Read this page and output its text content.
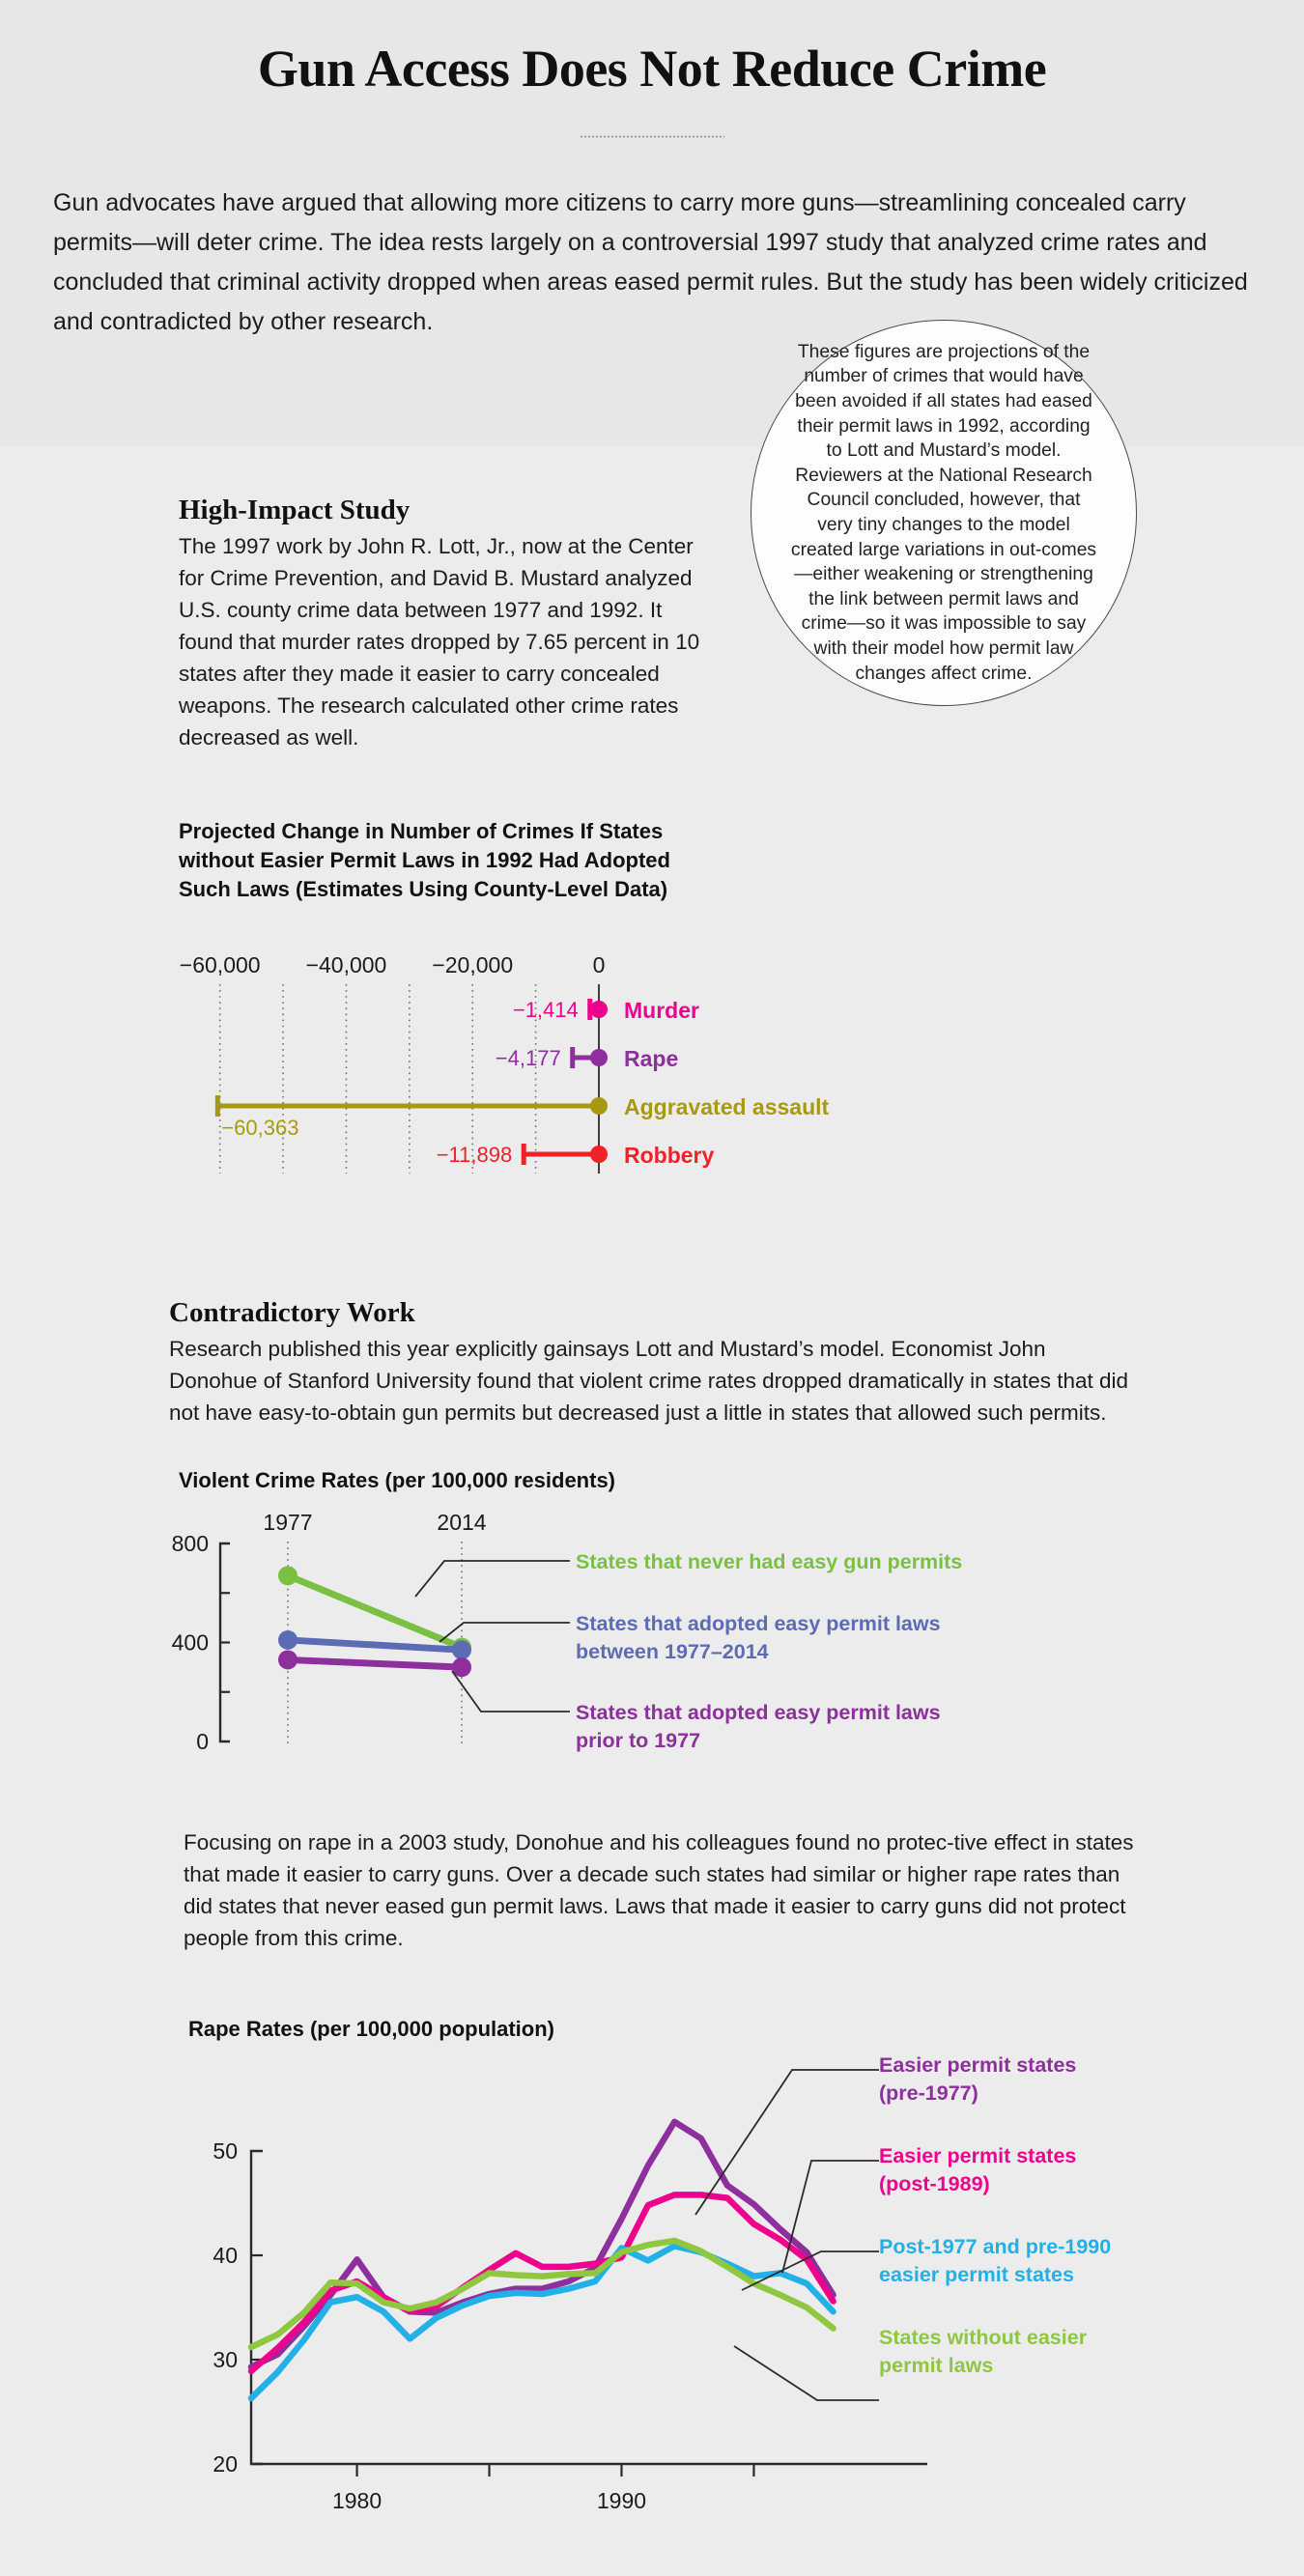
Gun Access Does Not Reduce Crime
Gun advocates have argued that allowing more citizens to carry more guns—streamlining concealed carry permits—will deter crime. The idea rests largely on a controversial 1997 study that analyzed crime rates and concluded that criminal activity dropped when areas eased permit rules. But the study has been widely criticized and contradicted by other research.
High-Impact Study

The 1997 work by John R. Lott, Jr., now at the Center for Crime Prevention, and David B. Mustard analyzed U.S. county crime data between 1977 and 1992. It found that murder rates dropped by 7.65 percent in 10 states after they made it easier to carry concealed weapons. The research calculated other crime rates decreased as well.

These figures are projections of the number of crimes that would have been avoided if all states had eased their permit laws in 1992, according to Lott and Mustard’s model. Reviewers at the National Research Council concluded, however, that very tiny changes to the model created large variations in out-comes—either weakening or strengthening the link between permit laws and crime—so it was impossible to say with their model how permit law changes affect crime.

Projected Change in Number of Crimes If States without Easier Permit Laws in 1992 Had Adopted Such Laws (Estimates Using County-Level Data)
−60,000 −40,000 −20,000	0
−1,414
−4,177
−60,363
−11,898
Murder
Rape
Aggravated assault
Robbery
Contradictory Work

Research published this year explicitly gainsays Lott and Mustard’s model. Economist John Donohue of Stanford University found that violent crime rates dropped dramatically in states that did not have easy-to-obtain gun permits but decreased just a little in states that allowed such permits.

Violent Crime Rates (per 100,000 residents)
1977	2014
0
400
800
States that never had easy gun permits
States that adopted easy permit laws
between 1977–2014
States that adopted easy permit laws
prior to 1977

Focusing on rape in a 2003 study, Donohue and his colleagues found no protec-tive effect in states that made it easier to carry guns. Over a decade such states had similar or higher rape rates than did states that never eased gun permit laws. Laws that made it easier to carry guns did not protect people from this crime.

Rape Rates (per 100,000 population)
20
30
40
50
1980	1990
Easier permit states
(pre-1977)
Easier permit states
(post-1989)
Post-1977 and pre-1990
easier permit states
States without easier
permit laws
